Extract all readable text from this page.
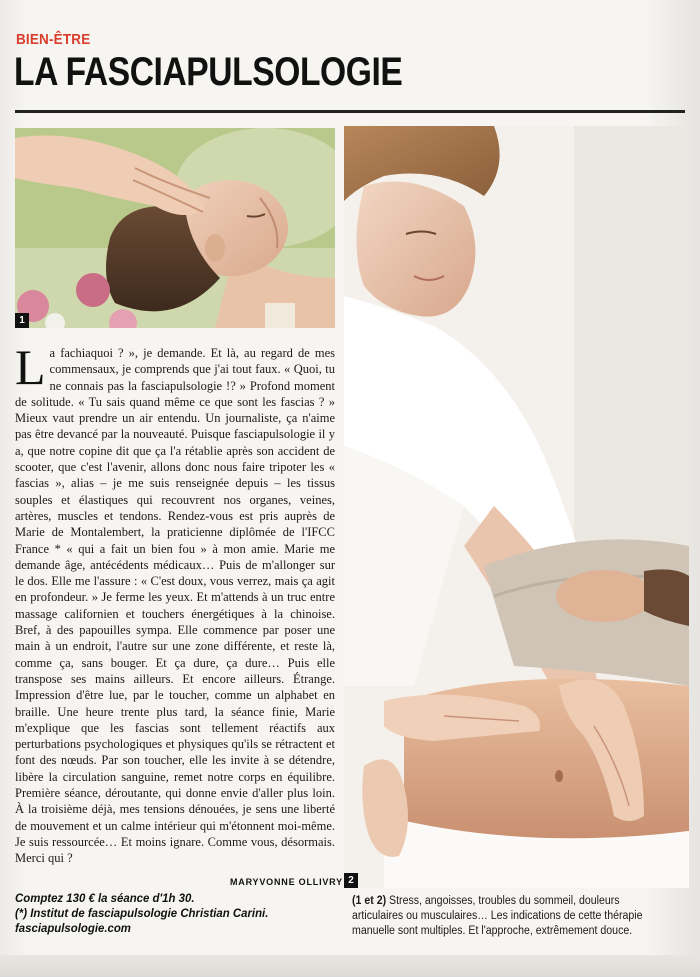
BIEN-ÊTRE
LA FASCIAPULSOLOGIE
1
2

L a fachiaquoi ? », je demande. Et là, au regard de mes commensaux, je comprends que j'ai tout faux. « Quoi, tu ne connais pas la fasciapulsologie !? » Profond moment de solitude. « Tu sais quand même ce que sont les fascias ? » Mieux vaut prendre un air entendu. Un journaliste, ça n'aime pas être devancé par la nouveauté. Puisque fasciapulsologie il y a, que notre copine dit que ça l'a rétablie après son accident de scooter, que c'est l'avenir, allons donc nous faire tripoter les « fascias », alias – je me suis renseignée depuis – les tissus souples et élastiques qui recouvrent nos organes, veines, artères, muscles et tendons. Rendez-vous est pris auprès de Marie de Montalembert, la praticienne diplômée de l'IFCC France * « qui a fait un bien fou » à mon amie. Marie me demande âge, antécédents médicaux… Puis de m'allonger sur le dos. Elle me l'assure : « C'est doux, vous verrez, mais ça agit en profondeur. » Je ferme les yeux. Et m'attends à un truc entre massage californien et touchers énergétiques à la chinoise. Bref, à des papouilles sympa. Elle commence par poser une main à un endroit, l'autre sur une zone différente, et reste là, comme ça, sans bouger. Et ça dure, ça dure… Puis elle transpose ses mains ailleurs. Et encore ailleurs. Étrange. Impression d'être lue, par le toucher, comme un alphabet en braille. Une heure trente plus tard, la séance finie, Marie m'explique que les fascias sont tellement réactifs aux perturbations psychologiques et physiques qu'ils se rétractent et font des nœuds. Par son toucher, elle les invite à se détendre, libère la circulation sanguine, remet notre corps en équilibre. Première séance, déroutante, qui donne envie d'aller plus loin. À la troisième déjà, mes tensions dénouées, je sens une liberté de mouvement et un calme intérieur qui m'étonnent moi-même. Je suis ressourcée… Et moins ignare. Comme vous, désormais. Merci qui ?

MARYVONNE OLLIVRY
Comptez 130 € la séance d'1h 30.
(*) Institut de fasciapulsologie Christian Carini.
fasciapulsologie.com
(1 et 2) Stress, angoisses, troubles du sommeil, douleurs articulaires ou musculaires… Les indications de cette thérapie manuelle sont multiples. Et l'approche, extrêmement douce.
